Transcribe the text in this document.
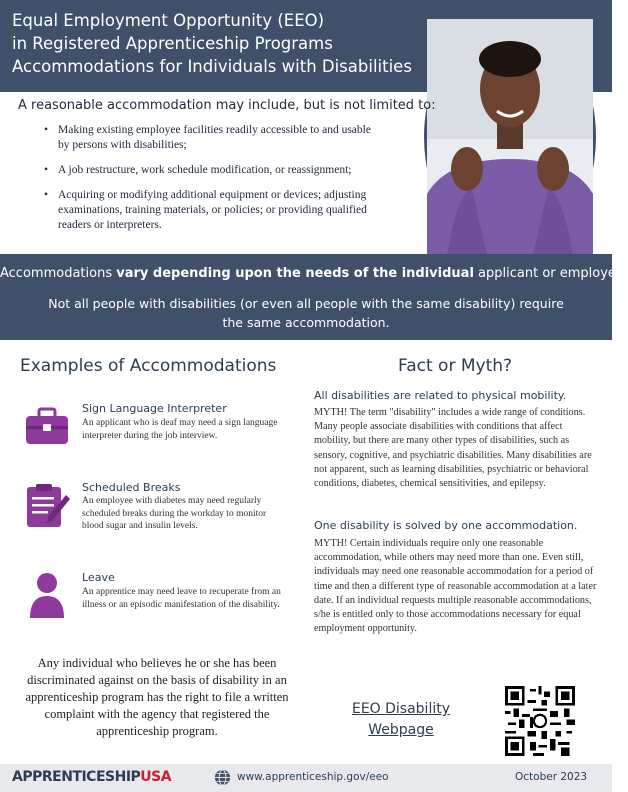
Equal Employment Opportunity (EEO)
in Registered Apprenticeship Programs
Accommodations for Individuals with Disabilities
A reasonable accommodation may include, but is not limited to:
• Making existing employee facilities readily accessible to and usable by persons with disabilities;
• A job restructure, work schedule modification, or reassignment;
• Acquiring or modifying additional equipment or devices; adjusting examinations, training materials, or policies; or providing qualified readers or interpreters.
Accommodations vary depending upon the needs of the individual applicant or employee.
Not all people with disabilities (or even all people with the same disability) require the same accommodation.
Examples of Accommodations
Sign Language Interpreter
An applicant who is deaf may need a sign language interpreter during the job interview.
Scheduled Breaks
An employee with diabetes may need regularly scheduled breaks during the workday to monitor blood sugar and insulin levels.
Leave
An apprentice may need leave to recuperate from an illness or an episodic manifestation of the disability.
Any individual who believes he or she has been discriminated against on the basis of disability in an apprenticeship program has the right to file a written complaint with the agency that registered the apprenticeship program.
Fact or Myth?
All disabilities are related to physical mobility.
MYTH! The term "disability" includes a wide range of conditions. Many people associate disabilities with conditions that affect mobility, but there are many other types of disabilities, such as sensory, cognitive, and psychiatric disabilities. Many disabilities are not apparent, such as learning disabilities, psychiatric or behavioral conditions, diabetes, chemical sensitivities, and epilepsy.
One disability is solved by one accommodation.
MYTH! Certain individuals require only one reasonable accommodation, while others may need more than one. Even still, individuals may need one reasonable accommodation for a period of time and then a different type of reasonable accommodation at a later date. If an individual requests multiple reasonable accommodations, s/he is entitled only to those accommodations necessary for equal employment opportunity.
EEO Disability
Webpage
APPRENTICESHIPUSA	www.apprenticeship.gov/eeo	October 2023
